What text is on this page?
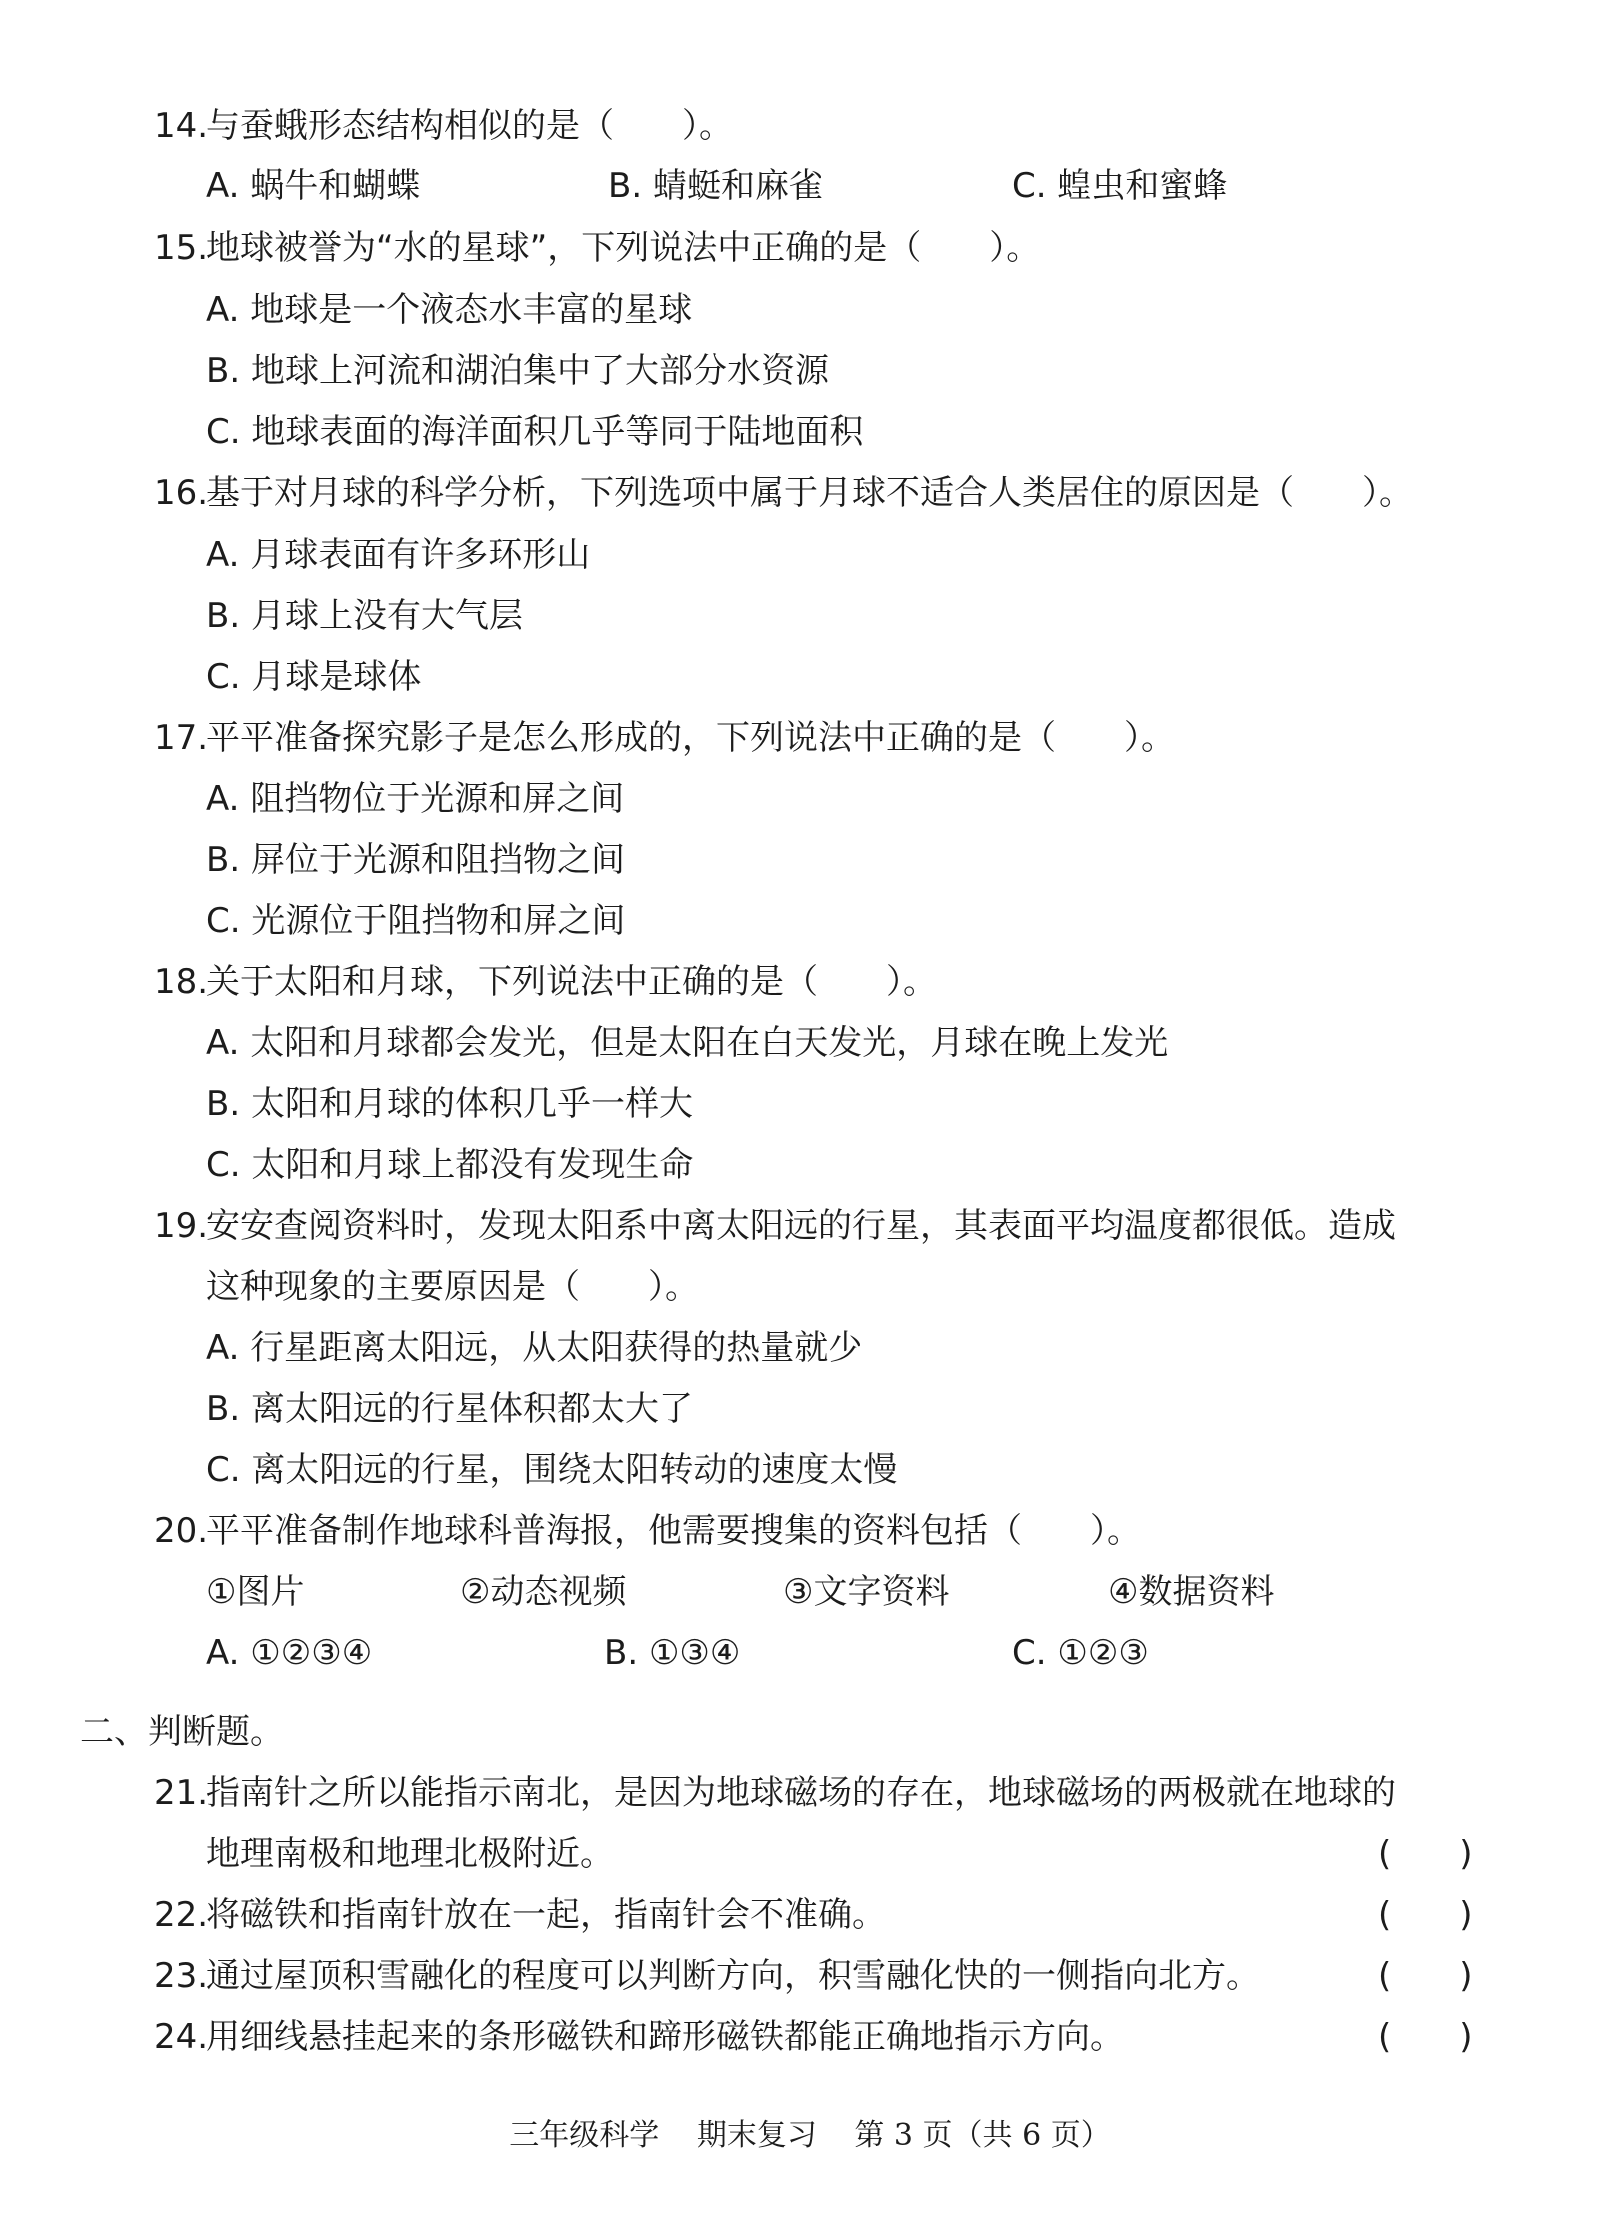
14.
与蚕蛾形态结构相似的是（　　）。
A. 蜗牛和蝴蝶	B. 蜻蜓和麻雀	C. 蝗虫和蜜蜂
15.
地球被誉为“水的星球”，下列说法中正确的是（　　）。
A. 地球是一个液态水丰富的星球
B. 地球上河流和湖泊集中了大部分水资源
C. 地球表面的海洋面积几乎等同于陆地面积
16.
基于对月球的科学分析，下列选项中属于月球不适合人类居住的原因是（　　）。
A. 月球表面有许多环形山
B. 月球上没有大气层
C. 月球是球体
17.
平平准备探究影子是怎么形成的，下列说法中正确的是（　　）。
A. 阻挡物位于光源和屏之间
B. 屏位于光源和阻挡物之间
C. 光源位于阻挡物和屏之间
18.
关于太阳和月球，下列说法中正确的是（　　）。
A. 太阳和月球都会发光，但是太阳在白天发光，月球在晚上发光
B. 太阳和月球的体积几乎一样大
C. 太阳和月球上都没有发现生命
19.
安安查阅资料时，发现太阳系中离太阳远的行星，其表面平均温度都很低。造成
这种现象的主要原因是（　　）。
A. 行星距离太阳远，从太阳获得的热量就少
B. 离太阳远的行星体积都太大了
C. 离太阳远的行星，围绕太阳转动的速度太慢
20.
平平准备制作地球科普海报，他需要搜集的资料包括（　　）。
①图片	②动态视频	③文字资料	④数据资料
A. ①②③④	B. ①③④	C. ①②③
二、判断题。
21.
指南针之所以能指示南北，是因为地球磁场的存在，地球磁场的两极就在地球的
地理南极和地理北极附近。	(　　)
22.
将磁铁和指南针放在一起，指南针会不准确。	(　　)
23.
通过屋顶积雪融化的程度可以判断方向，积雪融化快的一侧指向北方。	(　　)
24.
用细线悬挂起来的条形磁铁和蹄形磁铁都能正确地指示方向。	(　　)
三年级科学 期末复习 第 3 页（共 6 页）
